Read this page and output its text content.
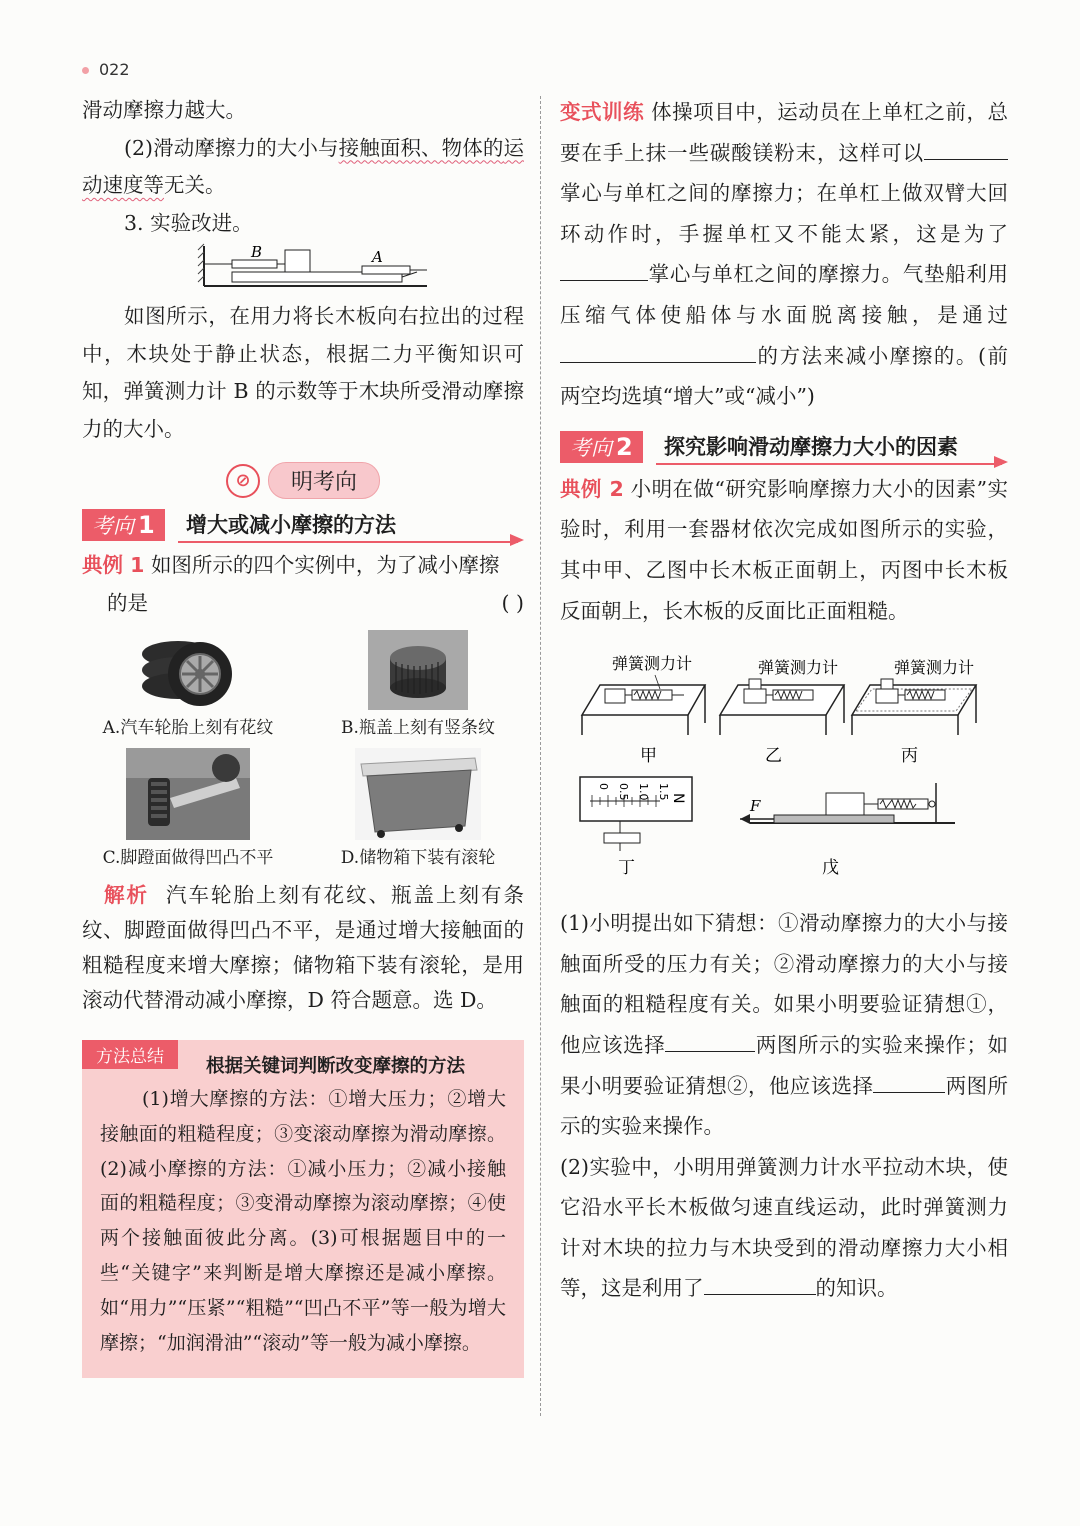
022

滑动摩擦力越大。

(2)滑动摩擦力的大小与接触面积、物体的运动速度等无关。

3. 实验改进。

B	A

如图所示，在用力将长木板向右拉出的过程中，木块处于静止状态，根据二力平衡知识可知，弹簧测力计 B 的示数等于木块所受滑动摩擦力的大小。

⊘	明考向
考向 1	增大或减小摩擦的方法

典例 1 如图所示的四个实例中，为了减小摩擦

的是	( )

A.汽车轮胎上刻有花纹	B.瓶盖上刻有竖条纹
C.脚蹬面做得凹凸不平	D.储物箱下装有滚轮

解析 汽车轮胎上刻有花纹、瓶盖上刻有条纹、脚蹬面做得凹凸不平，是通过增大接触面的粗糙程度来增大摩擦；储物箱下装有滚轮，是用滚动代替滑动减小摩擦，D 符合题意。选 D。

方法总结	根据关键词判断改变摩擦的方法

(1)增大摩擦的方法：①增大压力；②增大接触面的粗糙程度；③变滚动摩擦为滑动摩擦。(2)减小摩擦的方法：①减小压力；②减小接触面的粗糙程度；③变滑动摩擦为滚动摩擦；④使两个接触面彼此分离。(3)可根据题目中的一些“关键字”来判断是增大摩擦还是减小摩擦。如“用力”“压紧”“粗糙”“凹凸不平”等一般为增大摩擦；“加润滑油”“滚动”等一般为减小摩擦。

变式训练 体操项目中，运动员在上单杠之前，总要在手上抹一些碳酸镁粉末，这样可以掌心与单杠之间的摩擦力；在单杠上做双臂大回环动作时，手握单杠又不能太紧，这是为了掌心与单杠之间的摩擦力。气垫船利用压缩气体使船体与水面脱离接触，是通过的方法来减小摩擦的。(前两空均选填“增大”或“减小”)

考向 2	探究影响滑动摩擦力大小的因素

典例 2 小明在做“研究影响摩擦力大小的因素”实验时，利用一套器材依次完成如图所示的实验，其中甲、乙图中长木板正面朝上，丙图中长木板反面朝上，长木板的反面比正面粗糙。

弹簧测力计
甲
弹簧测力计
乙
弹簧测力计
丙
0 0.5 1.0 1.5 N
丁
F
戊

(1)小明提出如下猜想：①滑动摩擦力的大小与接触面所受的压力有关；②滑动摩擦力的大小与接触面的粗糙程度有关。如果小明要验证猜想①，他应该选择	两图所示的实验来操作；如果小明要验证猜想②，他应该选择	两图所示的实验来操作。

(2)实验中，小明用弹簧测力计水平拉动木块，使它沿水平长木板做匀速直线运动，此时弹簧测力计对木块的拉力与木块受到的滑动摩擦力大小相等，这是利用了	的知识。
